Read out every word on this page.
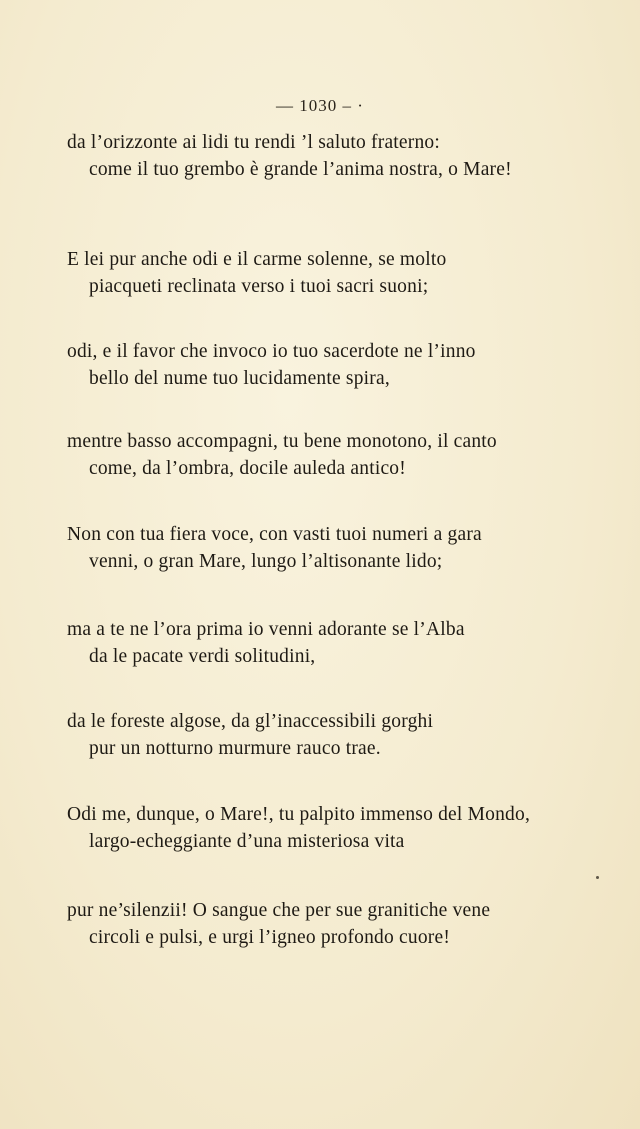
— 1030 – ·
da l’orizzonte ai lidi tu rendi ’l saluto fraterno:
come il tuo grembo è grande l’anima nostra, o Mare!
E lei pur anche odi e il carme solenne, se molto
piacqueti reclinata verso i tuoi sacri suoni;
odi, e il favor che invoco io tuo sacerdote ne l’inno
bello del nume tuo lucidamente spira,
mentre basso accompagni, tu bene monotono, il canto
come, da l’ombra, docile auleda antico!
Non con tua fiera voce, con vasti tuoi numeri a gara
venni, o gran Mare, lungo l’altisonante lido;
ma a te ne l’ora prima io venni adorante se l’Alba
da le pacate verdi solitudini,
da le foreste algose, da gl’inaccessibili gorghi
pur un notturno murmure rauco trae.
Odi me, dunque, o Mare!, tu palpito immenso del Mondo,
largo-echeggiante d’una misteriosa vita
pur ne’silenzii! O sangue che per sue granitiche vene
circoli e pulsi, e urgi l’igneo profondo cuore!
